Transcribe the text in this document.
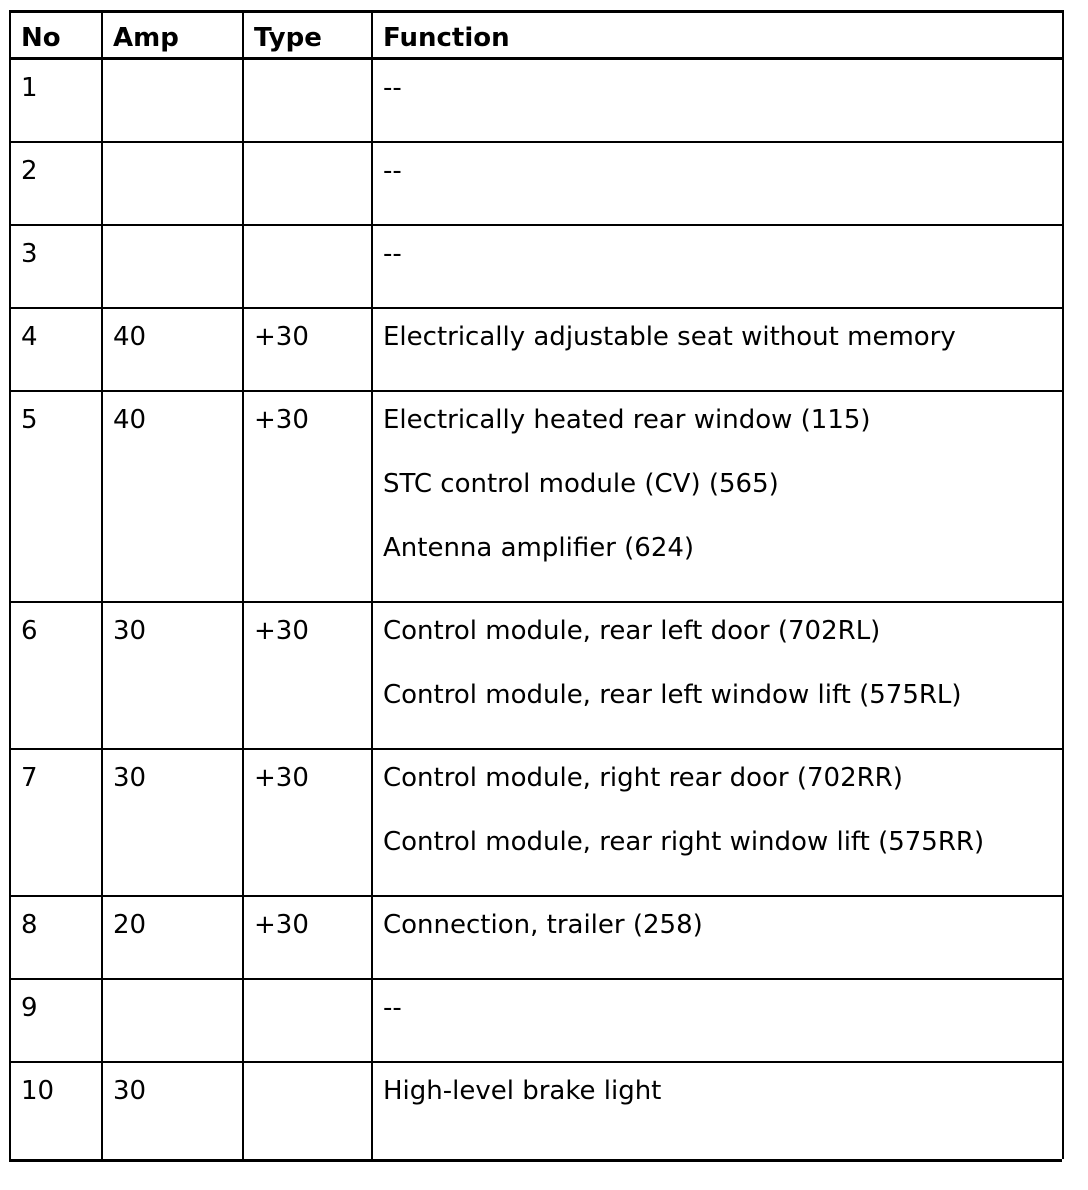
No	Amp	Type	Function
1			--

2			--

3			--

4	40	+30	Electrically adjustable seat without memory

5	40	+30	Electrically heated rear window (115)
STC control module (CV) (565)
Antenna amplifier (624)

6	30	+30	Control module, rear left door (702RL)
Control module, rear left window lift (575RL)

7	30	+30	Control module, right rear door (702RR)
Control module, rear right window lift (575RR)

8	20	+30	Connection, trailer (258)

9			--

10	30		High-level brake light
